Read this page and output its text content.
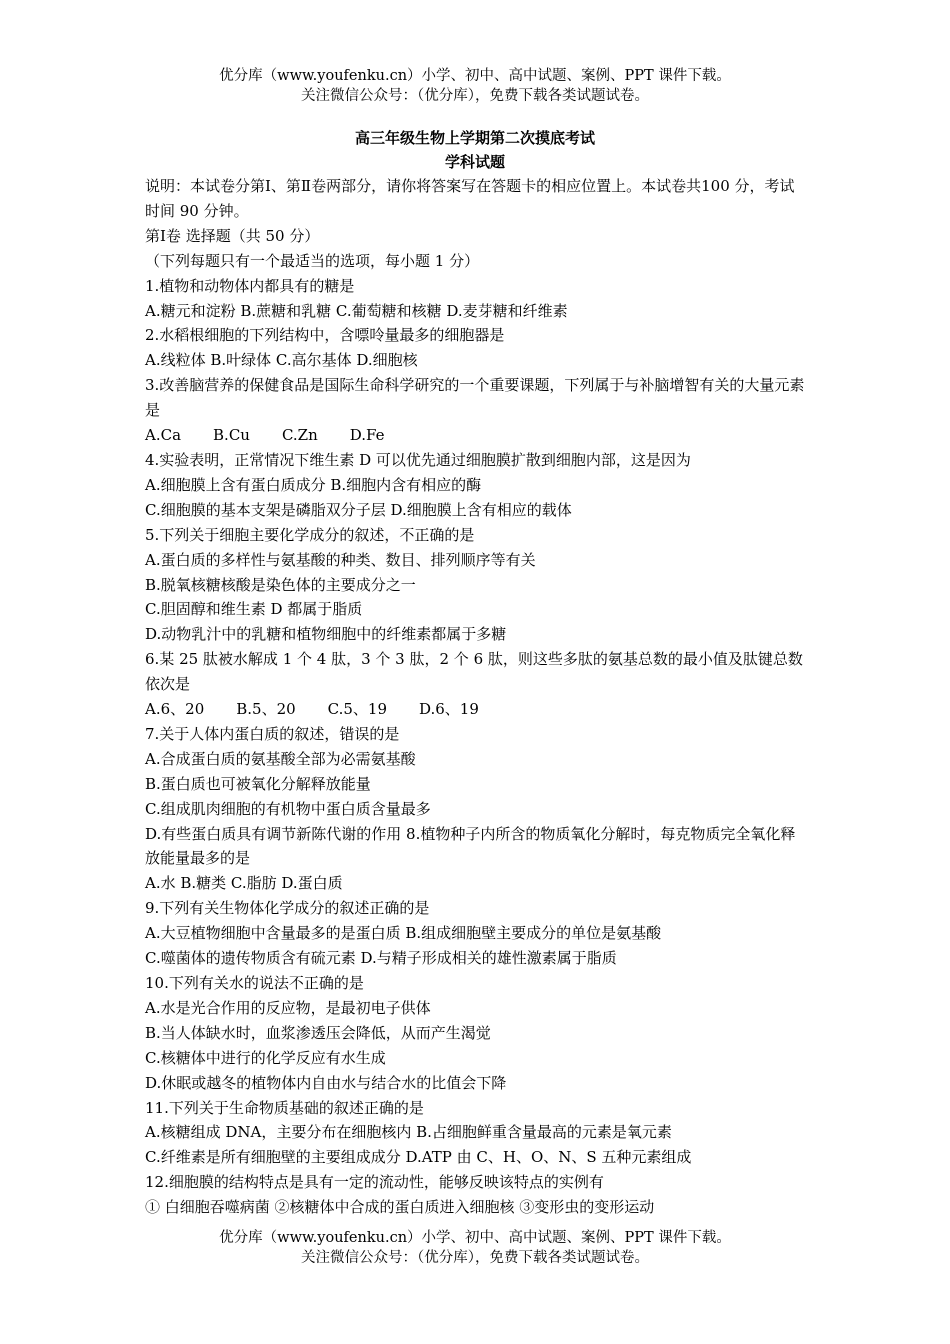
优分库（www.youfenku.cn）小学、初中、高中试题、案例、PPT 课件下载。
关注微信公众号：（优分库），免费下载各类试题试卷。
高三年级生物上学期第二次摸底考试
学科试题

说明：本试卷分第Ⅰ、第Ⅱ卷两部分，请你将答案写在答题卡的相应位置上。本试卷共100 分，考试时间 90 分钟。

第Ⅰ卷 选择题（共 50 分）

（下列每题只有一个最适当的选项，每小题 1 分）

1.植物和动物体内都具有的糖是

A.糖元和淀粉 B.蔗糖和乳糖 C.葡萄糖和核糖 D.麦芽糖和纤维素

2.水稻根细胞的下列结构中，含嘌呤量最多的细胞器是

A.线粒体 B.叶绿体 C.高尔基体 D.细胞核

3.改善脑营养的保健食品是国际生命科学研究的一个重要课题，下列属于与补脑增智有关的大量元素是

A.Ca B.Cu C.Zn D.Fe

4.实验表明，正常情况下维生素 D 可以优先通过细胞膜扩散到细胞内部，这是因为

A.细胞膜上含有蛋白质成分 B.细胞内含有相应的酶

C.细胞膜的基本支架是磷脂双分子层 D.细胞膜上含有相应的载体

5.下列关于细胞主要化学成分的叙述，不正确的是

A.蛋白质的多样性与氨基酸的种类、数目、排列顺序等有关

B.脱氧核糖核酸是染色体的主要成分之一

C.胆固醇和维生素 D 都属于脂质

D.动物乳汁中的乳糖和植物细胞中的纤维素都属于多糖

6.某 25 肽被水解成 1 个 4 肽，3 个 3 肽，2 个 6 肽，则这些多肽的氨基总数的最小值及肽键总数依次是

A.6、20 B.5、20 C.5、19 D.6、19

7.关于人体内蛋白质的叙述，错误的是

A.合成蛋白质的氨基酸全部为必需氨基酸

B.蛋白质也可被氧化分解释放能量

C.组成肌肉细胞的有机物中蛋白质含量最多

D.有些蛋白质具有调节新陈代谢的作用 8.植物种子内所含的物质氧化分解时，每克物质完全氧化释放能量最多的是

A.水 B.糖类 C.脂肪 D.蛋白质

9.下列有关生物体化学成分的叙述正确的是

A.大豆植物细胞中含量最多的是蛋白质 B.组成细胞壁主要成分的单位是氨基酸

C.噬菌体的遗传物质含有硫元素 D.与精子形成相关的雄性激素属于脂质

10.下列有关水的说法不正确的是

A.水是光合作用的反应物，是最初电子供体

B.当人体缺水时，血浆渗透压会降低，从而产生渴觉

C.核糖体中进行的化学反应有水生成

D.休眠或越冬的植物体内自由水与结合水的比值会下降

11.下列关于生命物质基础的叙述正确的是

A.核糖组成 DNA，主要分布在细胞核内 B.占细胞鲜重含量最高的元素是氧元素

C.纤维素是所有细胞壁的主要组成成分 D.ATP 由 C、H、O、N、S 五种元素组成

12.细胞膜的结构特点是具有一定的流动性，能够反映该特点的实例有

① 白细胞吞噬病菌 ②核糖体中合成的蛋白质进入细胞核 ③变形虫的变形运动

优分库（www.youfenku.cn）小学、初中、高中试题、案例、PPT 课件下载。
关注微信公众号：（优分库），免费下载各类试题试卷。
